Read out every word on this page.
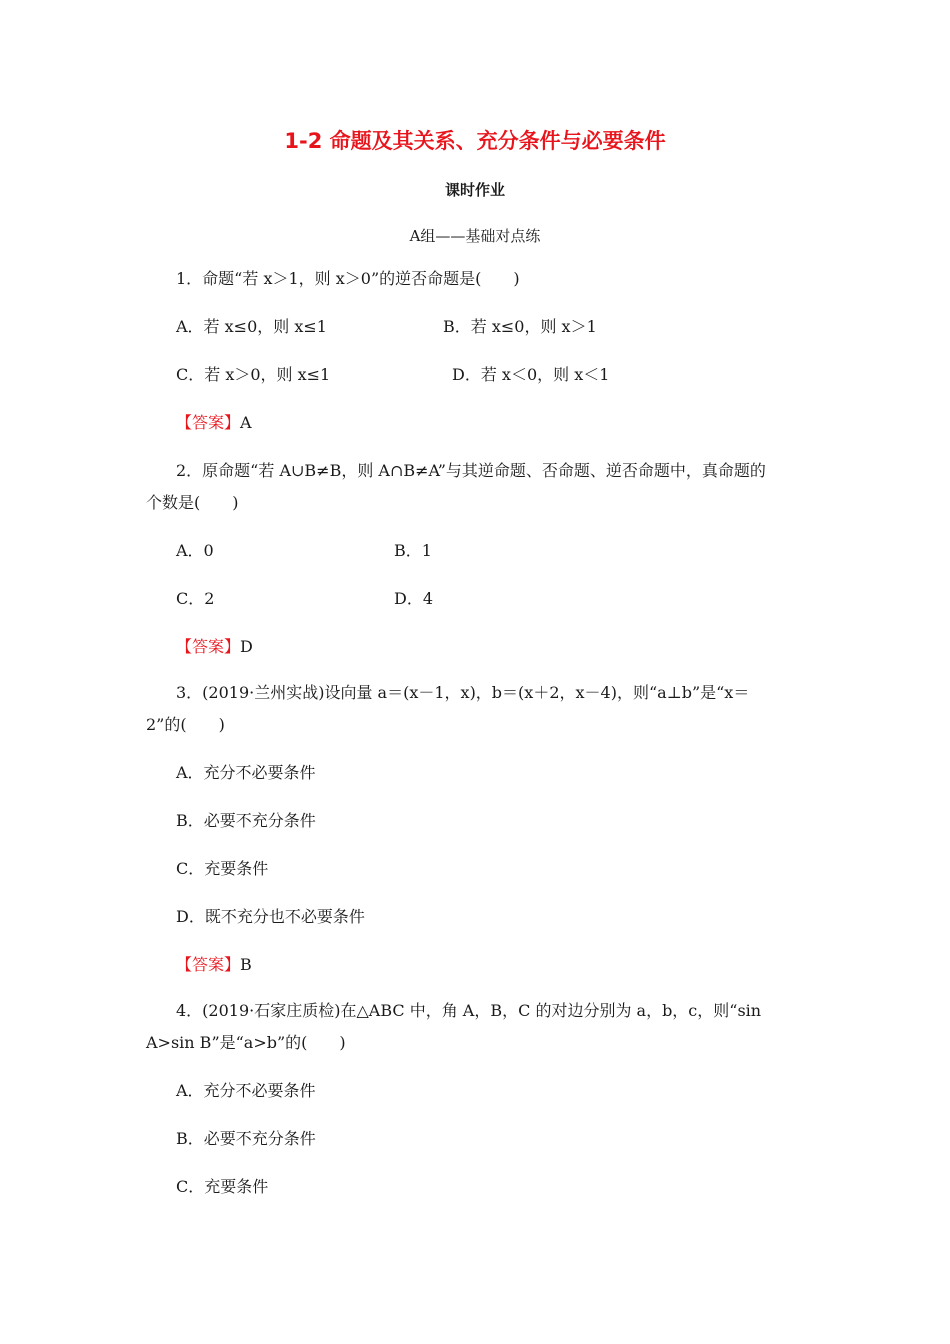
1-2 命题及其关系、充分条件与必要条件
课时作业
A组——基础对点练
1．命题“若 x＞1，则 x＞0”的逆否命题是(　　)
A．若 x≤0，则 x≤1	B．若 x≤0，则 x＞1
C．若 x＞0，则 x≤1	D．若 x＜0，则 x＜1
【答案】A
2．原命题“若 A∪B≠B，则 A∩B≠A”与其逆命题、否命题、逆否命题中，真命题的
个数是(　　)
A．0	B．1
C．2	D．4
【答案】D
3．(2019·兰州实战)设向量 a＝(x－1，x)，b＝(x＋2，x－4)，则“a⊥b”是“x＝
2”的(　　)
A．充分不必要条件
B．必要不充分条件
C．充要条件
D．既不充分也不必要条件
【答案】B
4．(2019·石家庄质检)在△ABC 中，角 A，B，C 的对边分别为 a，b，c，则“sin
A>sin B”是“a>b”的(　　)
A．充分不必要条件
B．必要不充分条件
C．充要条件
